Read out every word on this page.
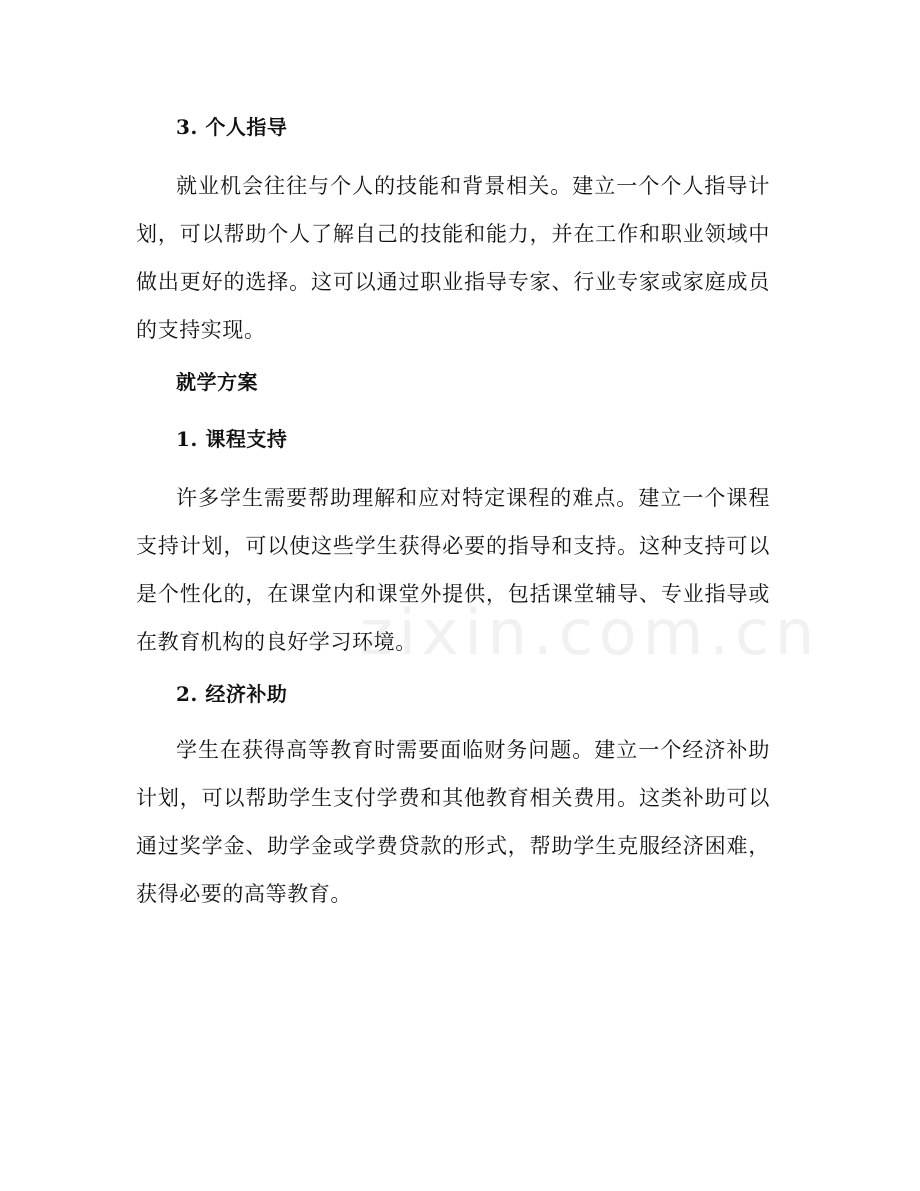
3. 个人指导

就业机会往往与个人的技能和背景相关。建立一个个人指导计划，可以帮助个人了解自己的技能和能力，并在工作和职业领域中做出更好的选择。这可以通过职业指导专家、行业专家或家庭成员的支持实现。

就学方案
1. 课程支持

许多学生需要帮助理解和应对特定课程的难点。建立一个课程支持计划，可以使这些学生获得必要的指导和支持。这种支持可以是个性化的，在课堂内和课堂外提供，包括课堂辅导、专业指导或在教育机构的良好学习环境。

2. 经济补助

学生在获得高等教育时需要面临财务问题。建立一个经济补助计划，可以帮助学生支付学费和其他教育相关费用。这类补助可以通过奖学金、助学金或学费贷款的形式，帮助学生克服经济困难，获得必要的高等教育。

zixin.com.cn
